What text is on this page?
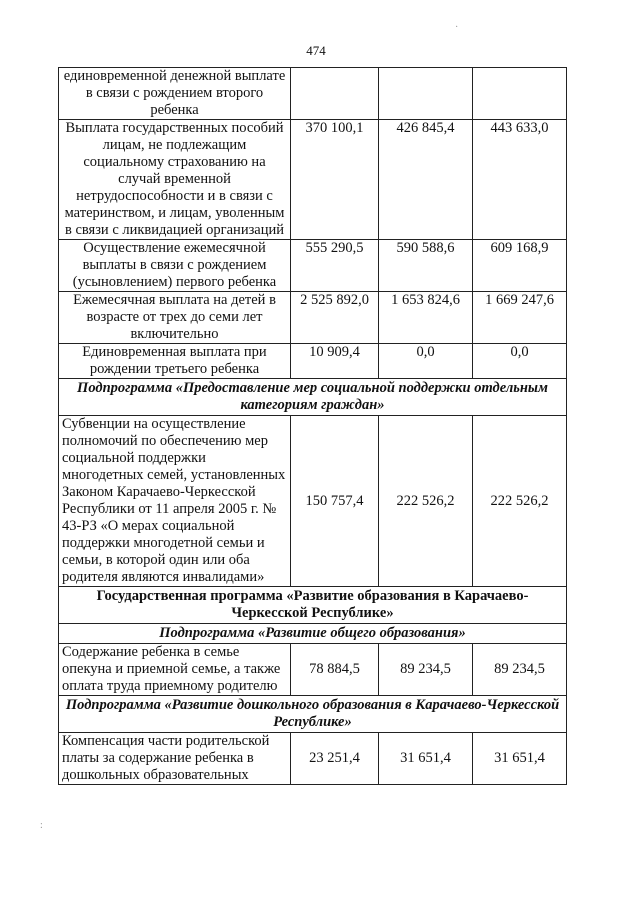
474
единовременной денежной выплате в связи с рождением второго ребенка			
Выплата государственных пособий лицам, не подлежащим социальному страхованию на случай временной нетрудоспособности и в связи с материнством, и лицам, уволенным в связи с ликвидацией организаций	370 100,1	426 845,4	443 633,0
Осуществление ежемесячной выплаты в связи с рождением (усыновлением) первого ребенка	555 290,5	590 588,6	609 168,9
Ежемесячная выплата на детей в возрасте от трех до семи лет включительно	2 525 892,0	1 653 824,6	1 669 247,6
Единовременная выплата при рождении третьего ребенка	10 909,4	0,0	0,0
Подпрограмма «Предоставление мер социальной поддержки отдельным категориям граждан»			
Субвенции на осуществление полномочий по обеспечению мер социальной поддержки многодетных семей, установленных Законом Карачаево-Черкесской Республики от 11 апреля 2005 г. № 43-РЗ «О мерах социальной поддержки многодетной семьи и семьи, в которой один или оба родителя являются инвалидами»	150 757,4	222 526,2	222 526,2
Государственная программа «Развитие образования в Карачаево-Черкесской Республике»			
Подпрограмма «Развитие общего образования»			
Содержание ребенка в семье опекуна и приемной семье, а также оплата труда приемному родителю	78 884,5	89 234,5	89 234,5
Подпрограмма «Развитие дошкольного образования в Карачаево-Черкесской Республике»			
Компенсация части родительской платы за содержание ребенка в дошкольных образовательных	23 251,4	31 651,4	31 651,4
·
:
